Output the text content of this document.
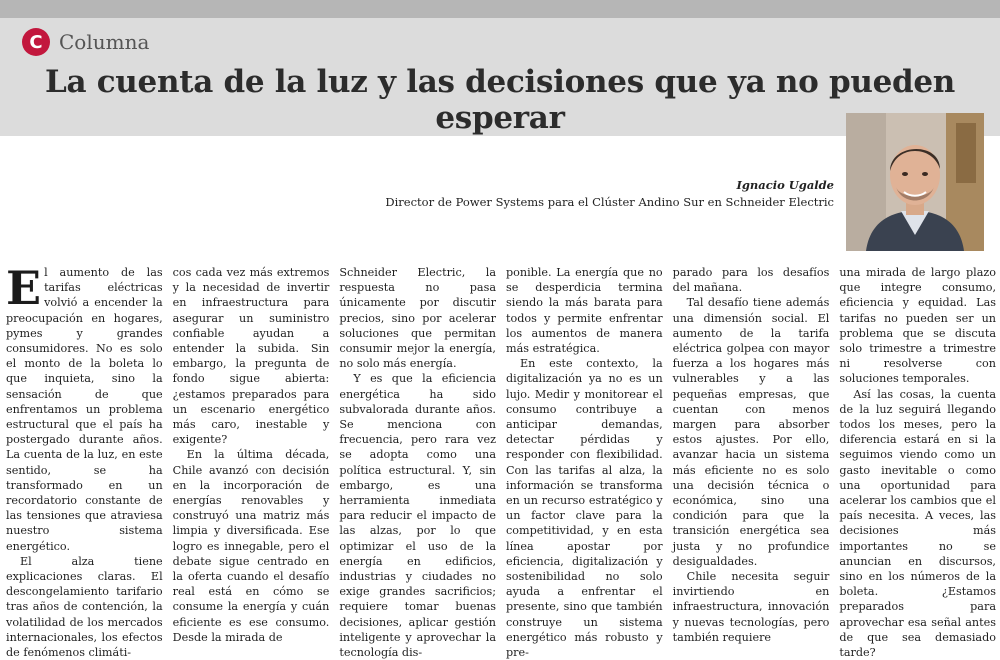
C Columna
La cuenta de la luz y las decisiones que ya no pueden esperar
Ignacio Ugalde
Director de Power Systems para el Clúster Andino Sur en Schneider Electric

El aumento de las tarifas eléctricas volvió a encender la preocupación en hogares, pymes y grandes consumidores. No es solo el monto de la boleta lo que inquieta, sino la sensación de que enfrentamos un problema estructural que el país ha postergado durante años. La cuenta de la luz, en este sentido, se ha transformado en un recordatorio constante de las tensiones que atraviesa nuestro sistema energético.

El alza tiene explicaciones claras. El descongelamiento tarifario tras años de contención, la volatilidad de los mercados internacionales, los efectos de fenómenos climáti-

cos cada vez más extremos y la necesidad de invertir en infraestructura para asegurar un suministro confiable ayudan a entender la subida. Sin embargo, la pregunta de fondo sigue abierta: ¿estamos preparados para un escenario energético más caro, inestable y exigente?

En la última década, Chile avanzó con decisión en la incorporación de energías renovables y construyó una matriz más limpia y diversificada. Ese logro es innegable, pero el debate sigue centrado en la oferta cuando el desafío real está en cómo se consume la energía y cuán eficiente es ese consumo. Desde la mirada de

Schneider Electric, la respuesta no pasa únicamente por discutir precios, sino por acelerar soluciones que permitan consumir mejor la energía, no solo más energía.

Y es que la eficiencia energética ha sido subvalorada durante años. Se menciona con frecuencia, pero rara vez se adopta como una política estructural. Y, sin embargo, es una herramienta inmediata para reducir el impacto de las alzas, por lo que optimizar el uso de la energía en edificios, industrias y ciudades no exige grandes sacrificios; requiere tomar buenas decisiones, aplicar gestión inteligente y aprovechar la tecnología dis-

ponible. La energía que no se desperdicia termina siendo la más barata para todos y permite enfrentar los aumentos de manera más estratégica.

En este contexto, la digitalización ya no es un lujo. Medir y monitorear el consumo contribuye a anticipar demandas, detectar pérdidas y responder con flexibilidad. Con las tarifas al alza, la información se transforma en un recurso estratégico y un factor clave para la competitividad, y en esta línea apostar por eficiencia, digitalización y sostenibilidad no solo ayuda a enfrentar el presente, sino que también construye un sistema energético más robusto y pre-

parado para los desafíos del mañana.

Tal desafío tiene además una dimensión social. El aumento de la tarifa eléctrica golpea con mayor fuerza a los hogares más vulnerables y a las pequeñas empresas, que cuentan con menos margen para absorber estos ajustes. Por ello, avanzar hacia un sistema más eficiente no es solo una decisión técnica o económica, sino una condición para que la transición energética sea justa y no profundice desigualdades.

Chile necesita seguir invirtiendo en infraestructura, innovación y nuevas tecnologías, pero también requiere

una mirada de largo plazo que integre consumo, eficiencia y equidad. Las tarifas no pueden ser un problema que se discuta solo trimestre a trimestre ni resolverse con soluciones temporales.

Así las cosas, la cuenta de la luz seguirá llegando todos los meses, pero la diferencia estará en si la seguimos viendo como un gasto inevitable o como una oportunidad para acelerar los cambios que el país necesita. A veces, las decisiones más importantes no se anuncian en discursos, sino en los números de la boleta. ¿Estamos preparados para aprovechar esa señal antes de que sea demasiado tarde?
